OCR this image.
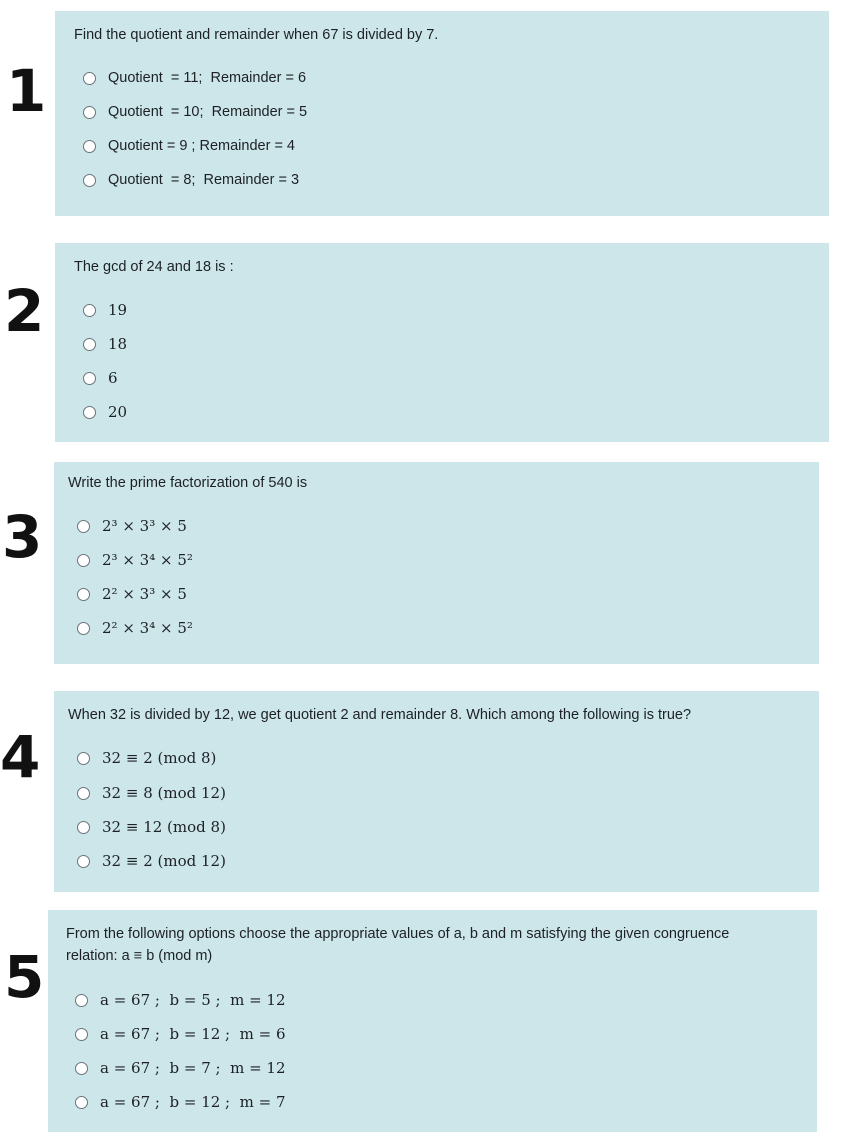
1
Find the quotient and remainder when 67 is divided by 7.
Quotient  = 11;  Remainder = 6
Quotient  = 10;  Remainder = 5
Quotient = 9 ; Remainder = 4
Quotient  = 8;  Remainder = 3
2
The gcd of 24 and 18 is :
19
18
6
20
3
Write the prime factorization of 540 is
2³ × 3³ × 5
2³ × 3⁴ × 5²
2² × 3³ × 5
2² × 3⁴ × 5²
4
When 32 is divided by 12, we get quotient 2 and remainder 8. Which among the following is true?
32 ≡ 2 (mod 8)
32 ≡ 8 (mod 12)
32 ≡ 12 (mod 8)
32 ≡ 2 (mod 12)
5
From the following options choose the appropriate values of a, b and m satisfying the given congruence
relation: a ≡ b (mod m)
a = 67 ;  b = 5 ;  m = 12
a = 67 ;  b = 12 ;  m = 6
a = 67 ;  b = 7 ;  m = 12
a = 67 ;  b = 12 ;  m = 7
